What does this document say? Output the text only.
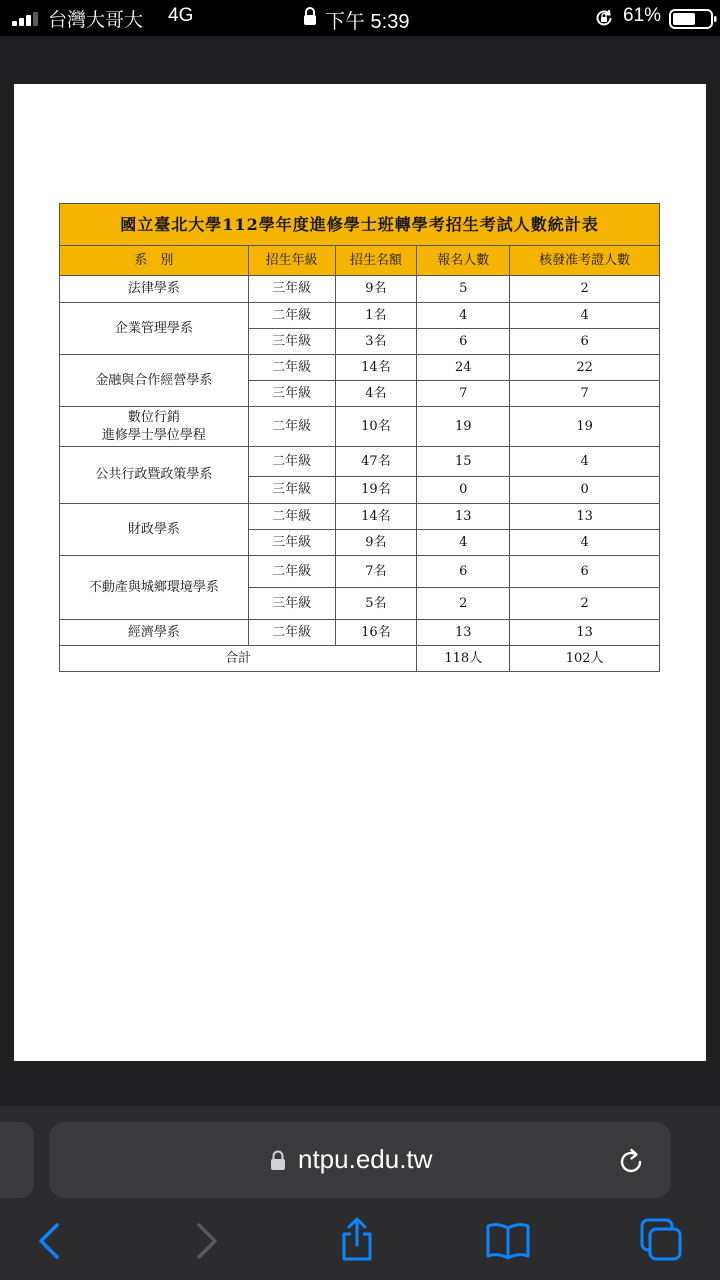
台灣大哥大 4G	下午 5:39	61%
國立臺北大學112學年度進修學士班轉學考招生考試人數統計表				
系　別	招生年級	招生名額	報名人數	核發准考證人數
法律學系	三年級	9名	5	2
企業管理學系	二年級	1名	4	4
	三年級	3名	6	6
金融與合作經營學系	二年級	14名	24	22
	三年級	4名	7	7
數位行銷
進修學士學位學程	二年級	10名	19	19
公共行政暨政策學系	二年級	47名	15	4
	三年級	19名	0	0
財政學系	二年級	14名	13	13
	三年級	9名	4	4
不動產與城鄉環境學系	二年級	7名	6	6
	三年級	5名	2	2
經濟學系	二年級	16名	13	13
合計			118人	102人
ntpu.edu.tw
